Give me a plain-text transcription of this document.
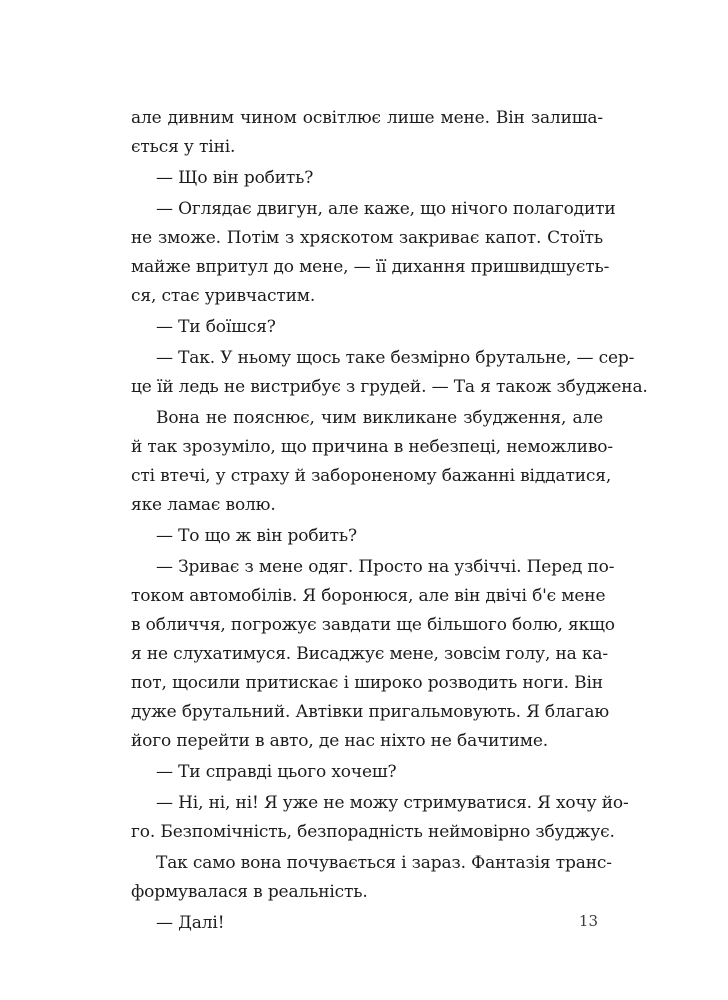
але дивним чином освітлює лише мене. Він залиша-
ється у тіні.
— Що він робить?
— Оглядає двигун, але каже, що нічого полагодити
не зможе. Потім з хряскотом закриває капот. Стоїть
майже впритул до мене, — її дихання пришвидшуєть-
ся, стає уривчастим.
— Ти боїшся?
— Так. У ньому щось таке безмірно брутальне, — сер-
це їй ледь не вистрибує з грудей. — Та я також збуджена.
Вона не пояснює, чим викликане збудження, але
й так зрозуміло, що причина в небезпеці, неможливо-
сті втечі, у страху й забороненому бажанні віддатися,
яке ламає волю.
— То що ж він робить?
— Зриває з мене одяг. Просто на узбіччі. Перед по-
током автомобілів. Я боронюся, але він двічі б'є мене
в обличчя, погрожує завдати ще більшого болю, якщо
я не слухатимуся. Висаджує мене, зовсім голу, на ка-
пот, щосили притискає і широко розводить ноги. Він
дуже брутальний. Автівки пригальмовують. Я благаю
його перейти в авто, де нас ніхто не бачитиме.
— Ти справді цього хочеш?
— Ні, ні, ні! Я уже не можу стримуватися. Я хочу йо-
го. Безпомічність, безпорадність неймовірно збуджує.
Так само вона почувається і зараз. Фантазія транс-
формувалася в реальність.
— Далі!	13
